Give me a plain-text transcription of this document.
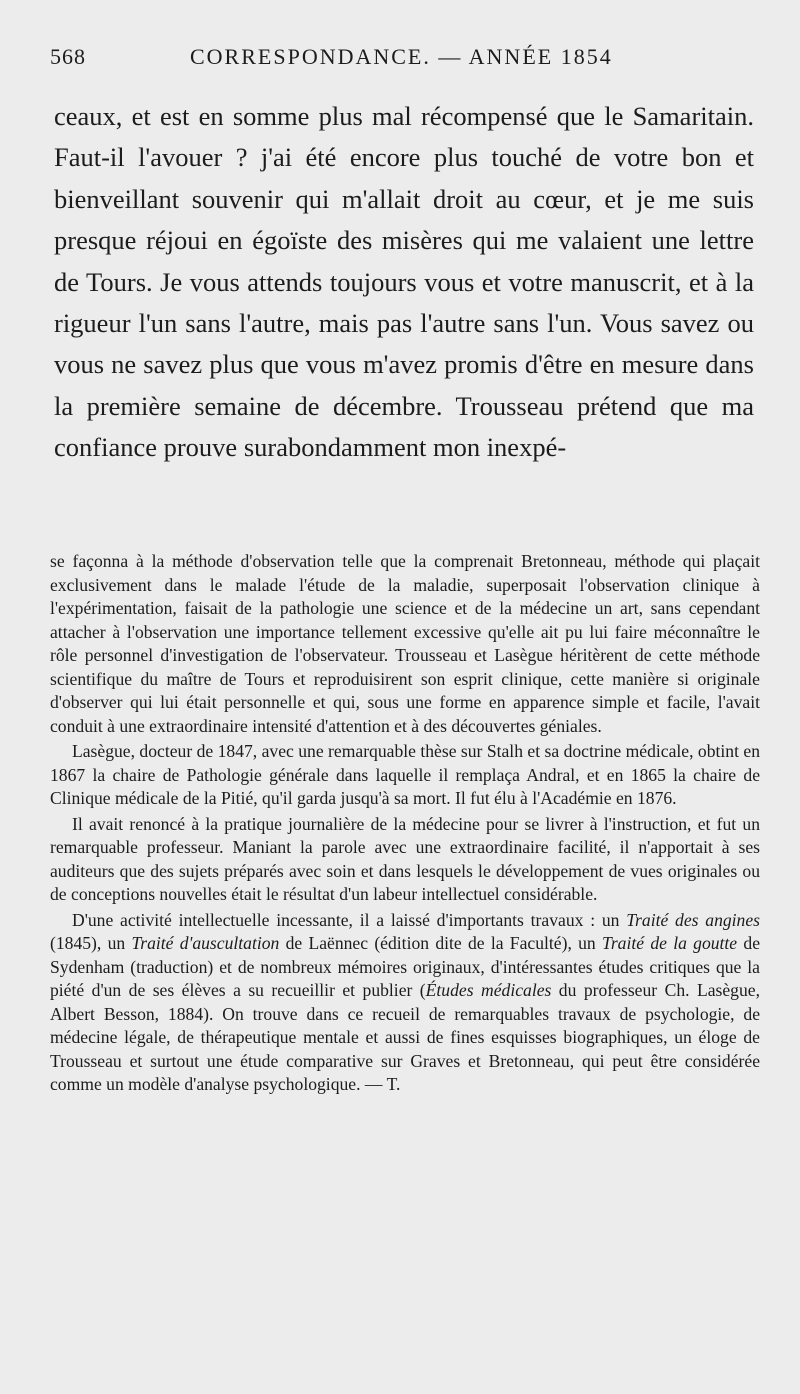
568	CORRESPONDANCE. — ANNÉE 1854

ceaux, et est en somme plus mal récompensé que le Samaritain. Faut-il l'avouer ? j'ai été encore plus touché de votre bon et bienveillant souvenir qui m'allait droit au cœur, et je me suis presque réjoui en égoïste des misères qui me valaient une lettre de Tours. Je vous attends toujours vous et votre manuscrit, et à la rigueur l'un sans l'autre, mais pas l'autre sans l'un. Vous savez ou vous ne savez plus que vous m'avez promis d'être en mesure dans la première semaine de décembre. Trousseau prétend que ma confiance prouve surabondamment mon inexpé-

se façonna à la méthode d'observation telle que la comprenait Bretonneau, méthode qui plaçait exclusivement dans le malade l'étude de la maladie, superposait l'observation clinique à l'expérimentation, faisait de la pathologie une science et de la médecine un art, sans cependant attacher à l'observation une importance tellement excessive qu'elle ait pu lui faire méconnaître le rôle personnel d'investigation de l'observateur. Trousseau et Lasègue héritèrent de cette méthode scientifique du maître de Tours et reproduisirent son esprit clinique, cette manière si originale d'observer qui lui était personnelle et qui, sous une forme en apparence simple et facile, l'avait conduit à une extraordinaire intensité d'attention et à des découvertes géniales.

Lasègue, docteur de 1847, avec une remarquable thèse sur Stalh et sa doctrine médicale, obtint en 1867 la chaire de Pathologie générale dans laquelle il remplaça Andral, et en 1865 la chaire de Clinique médicale de la Pitié, qu'il garda jusqu'à sa mort. Il fut élu à l'Académie en 1876.

Il avait renoncé à la pratique journalière de la médecine pour se livrer à l'instruction, et fut un remarquable professeur. Maniant la parole avec une extraordinaire facilité, il n'apportait à ses auditeurs que des sujets préparés avec soin et dans lesquels le développement de vues originales ou de conceptions nouvelles était le résultat d'un labeur intellectuel considérable.

D'une activité intellectuelle incessante, il a laissé d'importants travaux : un Traité des angines (1845), un Traité d'auscultation de Laënnec (édition dite de la Faculté), un Traité de la goutte de Sydenham (traduction) et de nombreux mémoires originaux, d'intéressantes études critiques que la piété d'un de ses élèves a su recueillir et publier (Études médicales du professeur Ch. Lasègue, Albert Besson, 1884). On trouve dans ce recueil de remarquables travaux de psychologie, de médecine légale, de thérapeutique mentale et aussi de fines esquisses biographiques, un éloge de Trousseau et surtout une étude comparative sur Graves et Bretonneau, qui peut être considérée comme un modèle d'analyse psychologique. — T.
